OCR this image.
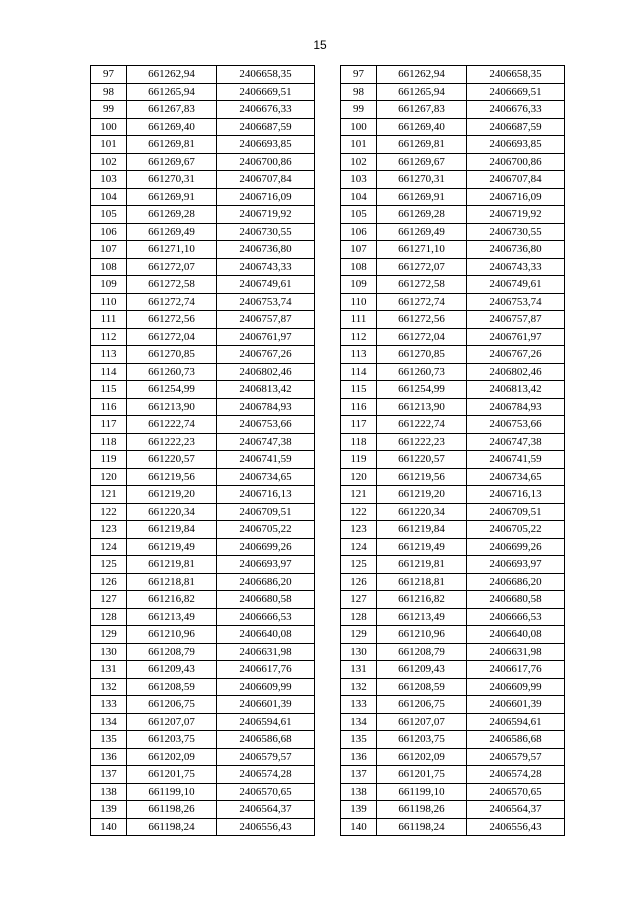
15
97	661262,94	2406658,35
98	661265,94	2406669,51
99	661267,83	2406676,33
100	661269,40	2406687,59
101	661269,81	2406693,85
102	661269,67	2406700,86
103	661270,31	2406707,84
104	661269,91	2406716,09
105	661269,28	2406719,92
106	661269,49	2406730,55
107	661271,10	2406736,80
108	661272,07	2406743,33
109	661272,58	2406749,61
110	661272,74	2406753,74
111	661272,56	2406757,87
112	661272,04	2406761,97
113	661270,85	2406767,26
114	661260,73	2406802,46
115	661254,99	2406813,42
116	661213,90	2406784,93
117	661222,74	2406753,66
118	661222,23	2406747,38
119	661220,57	2406741,59
120	661219,56	2406734,65
121	661219,20	2406716,13
122	661220,34	2406709,51
123	661219,84	2406705,22
124	661219,49	2406699,26
125	661219,81	2406693,97
126	661218,81	2406686,20
127	661216,82	2406680,58
128	661213,49	2406666,53
129	661210,96	2406640,08
130	661208,79	2406631,98
131	661209,43	2406617,76
132	661208,59	2406609,99
133	661206,75	2406601,39
134	661207,07	2406594,61
135	661203,75	2406586,68
136	661202,09	2406579,57
137	661201,75	2406574,28
138	661199,10	2406570,65
139	661198,26	2406564,37
140	661198,24	2406556,43
97	661262,94	2406658,35
98	661265,94	2406669,51
99	661267,83	2406676,33
100	661269,40	2406687,59
101	661269,81	2406693,85
102	661269,67	2406700,86
103	661270,31	2406707,84
104	661269,91	2406716,09
105	661269,28	2406719,92
106	661269,49	2406730,55
107	661271,10	2406736,80
108	661272,07	2406743,33
109	661272,58	2406749,61
110	661272,74	2406753,74
111	661272,56	2406757,87
112	661272,04	2406761,97
113	661270,85	2406767,26
114	661260,73	2406802,46
115	661254,99	2406813,42
116	661213,90	2406784,93
117	661222,74	2406753,66
118	661222,23	2406747,38
119	661220,57	2406741,59
120	661219,56	2406734,65
121	661219,20	2406716,13
122	661220,34	2406709,51
123	661219,84	2406705,22
124	661219,49	2406699,26
125	661219,81	2406693,97
126	661218,81	2406686,20
127	661216,82	2406680,58
128	661213,49	2406666,53
129	661210,96	2406640,08
130	661208,79	2406631,98
131	661209,43	2406617,76
132	661208,59	2406609,99
133	661206,75	2406601,39
134	661207,07	2406594,61
135	661203,75	2406586,68
136	661202,09	2406579,57
137	661201,75	2406574,28
138	661199,10	2406570,65
139	661198,26	2406564,37
140	661198,24	2406556,43
